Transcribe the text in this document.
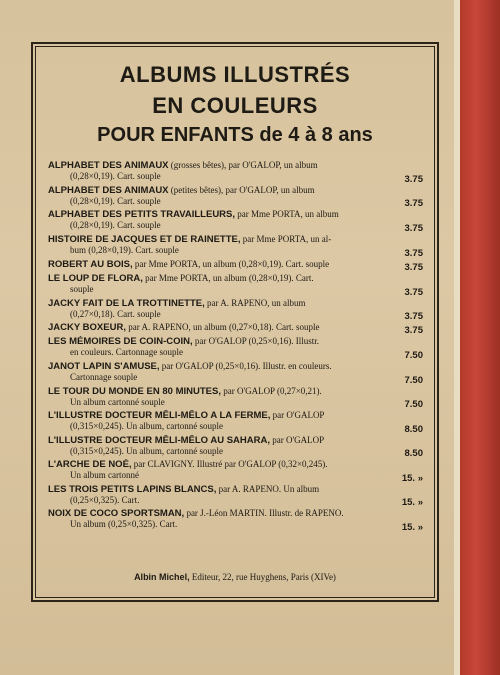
ALBUMS ILLUSTRÉS
EN COULEURS
POUR ENFANTS de 4 à 8 ans
ALPHABET DES ANIMAUX (grosses bêtes), par O'GALOP, un album
(0,28×0,19). Cart. souple	3.75
ALPHABET DES ANIMAUX (petites bêtes), par O'GALOP, un album
(0,28×0,19). Cart. souple	3.75
ALPHABET DES PETITS TRAVAILLEURS, par Mme PORTA, un album
(0,28×0,19). Cart. souple	3.75
HISTOIRE DE JACQUES ET DE RAINETTE, par Mme PORTA, un al-
bum (0,28×0,19). Cart. souple	3.75
ROBERT AU BOIS, par Mme PORTA, un album (0,28×0,19). Cart. souple	3.75
LE LOUP DE FLORA, par Mme PORTA, un album (0,28×0,19). Cart.
souple	3.75
JACKY FAIT DE LA TROTTINETTE, par A. RAPENO, un album
(0,27×0,18). Cart. souple	3.75
JACKY BOXEUR, par A. RAPENO, un album (0,27×0,18). Cart. souple	3.75
LES MÉMOIRES DE COIN-COIN, par O'GALOP (0,25×0,16). Illustr.
en couleurs. Cartonnage souple	7.50
JANOT LAPIN S'AMUSE, par O'GALOP (0,25×0,16). Illustr. en couleurs.
Cartonnage souple	7.50
LE TOUR DU MONDE EN 80 MINUTES, par O'GALOP (0,27×0,21).
Un album cartonné souple	7.50
L'ILLUSTRE DOCTEUR MÊLI-MÊLO A LA FERME, par O'GALOP
(0,315×0,245). Un album, cartonné souple	8.50
L'ILLUSTRE DOCTEUR MÊLI-MÊLO AU SAHARA, par O'GALOP
(0,315×0,245). Un album, cartonné souple	8.50
L'ARCHE DE NOÉ, par CLAVIGNY. Illustré par O'GALOP (0,32×0,245).
Un album cartonné	15. »
LES TROIS PETITS LAPINS BLANCS, par A. RAPENO. Un album
(0,25×0,325). Cart.	15. »
NOIX DE COCO SPORTSMAN, par J.-Léon MARTIN. Illustr. de RAPENO.
Un album (0,25×0,325). Cart.	15. »
Albin Michel, Editeur, 22, rue Huyghens, Paris (XIVe)
